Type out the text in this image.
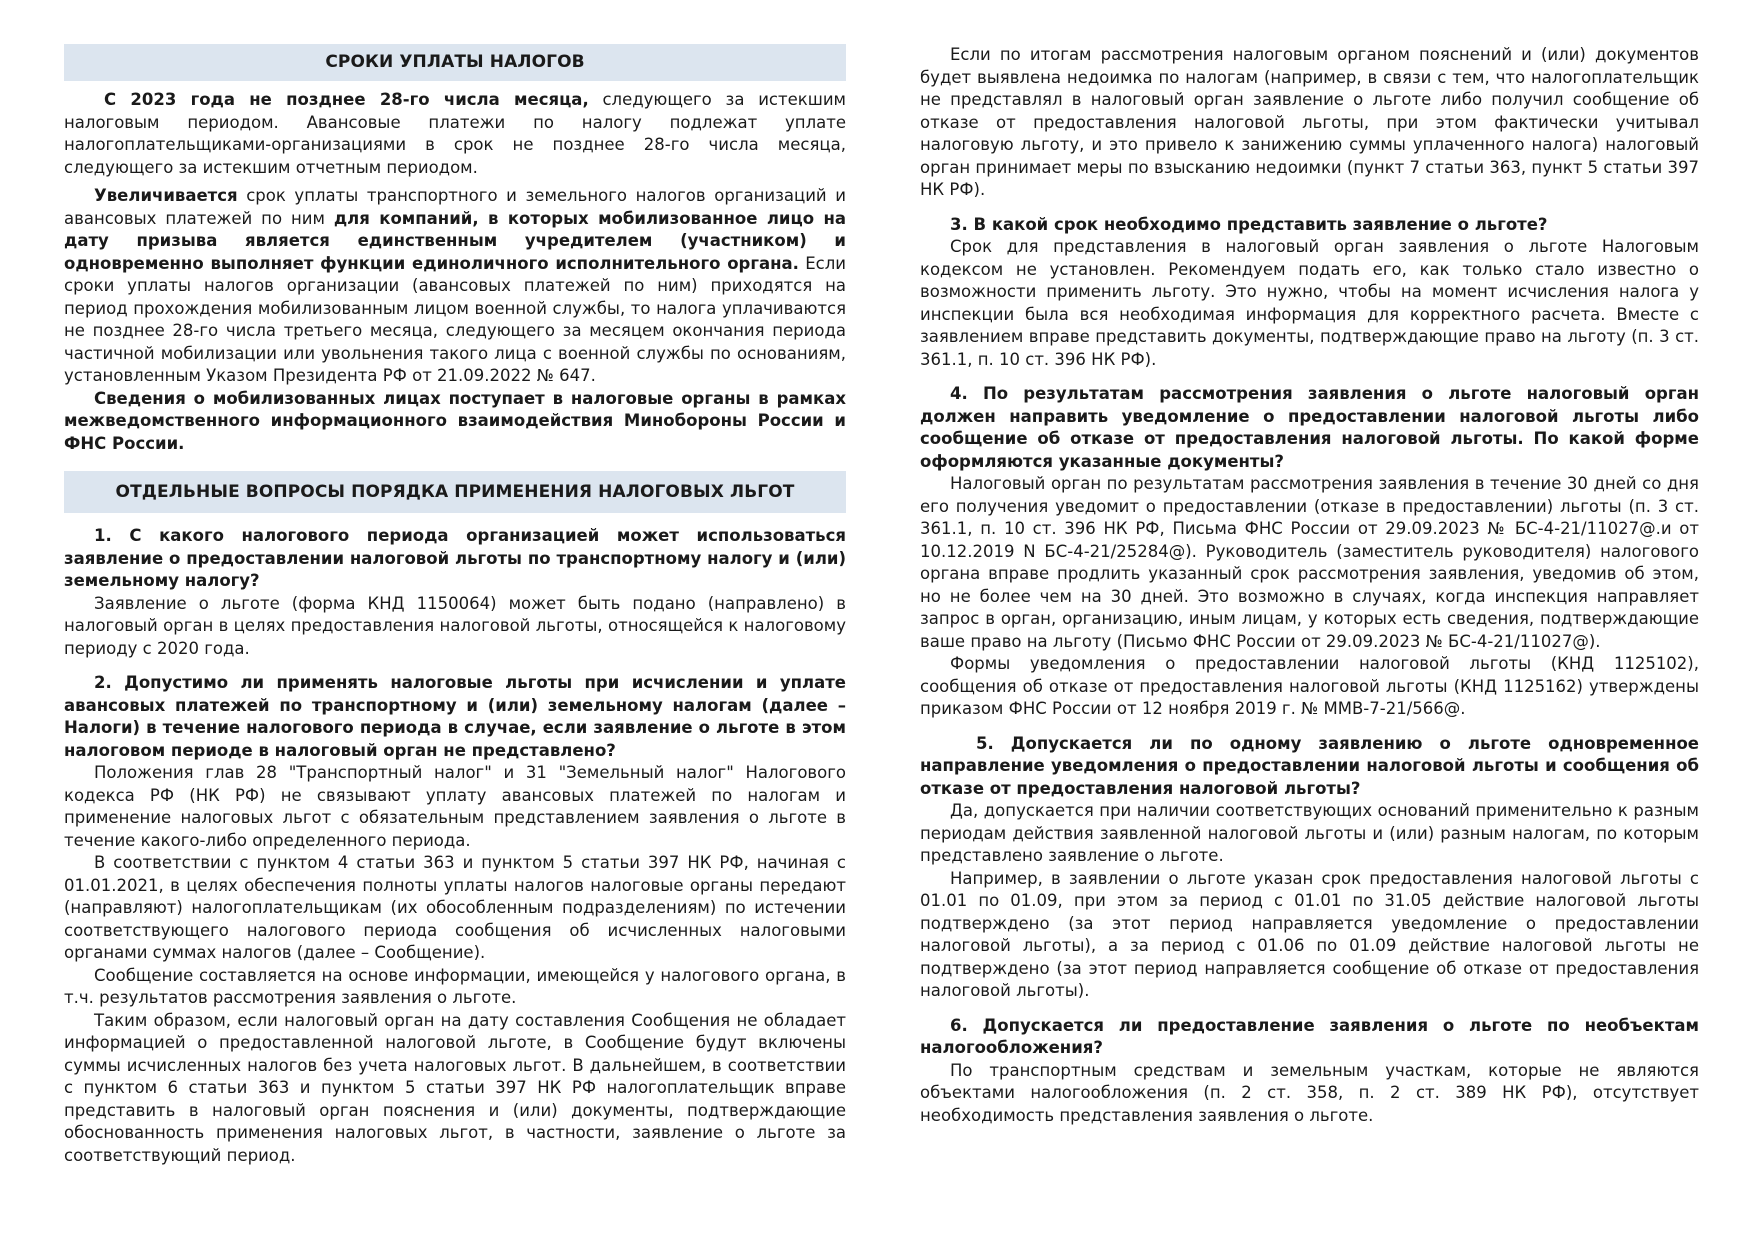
СРОКИ УПЛАТЫ НАЛОГОВ

С 2023 года не позднее 28-го числа месяца, следующего за истекшим налоговым периодом. Авансовые платежи по налогу подлежат уплате налогоплательщиками-организациями в срок не позднее 28-го числа месяца, следующего за истекшим отчетным периодом.

Увеличивается срок уплаты транспортного и земельного налогов организаций и авансовых платежей по ним для компаний, в которых мобилизованное лицо на дату призыва является единственным учредителем (участником) и одновременно выполняет функции единоличного исполнительного органа. Если сроки уплаты налогов организации (авансовых платежей по ним) приходятся на период прохождения мобилизованным лицом военной службы, то налога уплачиваются не позднее 28-го числа третьего месяца, следующего за месяцем окончания периода частичной мобилизации или увольнения такого лица с военной службы по основаниям, установленным Указом Президента РФ от 21.09.2022 № 647.

Сведения о мобилизованных лицах поступает в налоговые органы в рамках межведомственного информационного взаимодействия Минобороны России и ФНС России.

ОТДЕЛЬНЫЕ ВОПРОСЫ ПОРЯДКА ПРИМЕНЕНИЯ НАЛОГОВЫХ ЛЬГОТ

1. С какого налогового периода организацией может использоваться заявление о предоставлении налоговой льготы по транспортному налогу и (или) земельному налогу?

Заявление о льготе (форма КНД 1150064) может быть подано (направлено) в налоговый орган в целях предоставления налоговой льготы, относящейся к налоговому периоду с 2020 года.

2. Допустимо ли применять налоговые льготы при исчислении и уплате авансовых платежей по транспортному и (или) земельному налогам (далее – Налоги) в течение налогового периода в случае, если заявление о льготе в этом налоговом периоде в налоговый орган не представлено?

Положения глав 28 "Транспортный налог" и 31 "Земельный налог" Налогового кодекса РФ (НК РФ) не связывают уплату авансовых платежей по налогам и применение налоговых льгот с обязательным представлением заявления о льготе в течение какого-либо определенного периода.

В соответствии с пунктом 4 статьи 363 и пунктом 5 статьи 397 НК РФ, начиная с 01.01.2021, в целях обеспечения полноты уплаты налогов налоговые органы передают (направляют) налогоплательщикам (их обособленным подразделениям) по истечении соответствующего налогового периода сообщения об исчисленных налоговыми органами суммах налогов (далее – Сообщение).

Сообщение составляется на основе информации, имеющейся у налогового органа, в т.ч. результатов рассмотрения заявления о льготе.

Таким образом, если налоговый орган на дату составления Сообщения не обладает информацией о предоставленной налоговой льготе, в Сообщение будут включены суммы исчисленных налогов без учета налоговых льгот. В дальнейшем, в соответствии с пунктом 6 статьи 363 и пунктом 5 статьи 397 НК РФ налогоплательщик вправе представить в налоговый орган пояснения и (или) документы, подтверждающие обоснованность применения налоговых льгот, в частности, заявление о льготе за соответствующий период.

Если по итогам рассмотрения налоговым органом пояснений и (или) документов будет выявлена недоимка по налогам (например, в связи с тем, что налогоплательщик не представлял в налоговый орган заявление о льготе либо получил сообщение об отказе от предоставления налоговой льготы, при этом фактически учитывал налоговую льготу, и это привело к занижению суммы уплаченного налога) налоговый орган принимает меры по взысканию недоимки (пункт 7 статьи 363, пункт 5 статьи 397 НК РФ).

3. В какой срок необходимо представить заявление о льготе?

Срок для представления в налоговый орган заявления о льготе Налоговым кодексом не установлен. Рекомендуем подать его, как только стало известно о возможности применить льготу. Это нужно, чтобы на момент исчисления налога у инспекции была вся необходимая информация для корректного расчета. Вместе с заявлением вправе представить документы, подтверждающие право на льготу (п. 3 ст. 361.1, п. 10 ст. 396 НК РФ).

4. По результатам рассмотрения заявления о льготе налоговый орган должен направить уведомление о предоставлении налоговой льготы либо сообщение об отказе от предоставления налоговой льготы. По какой форме оформляются указанные документы?

Налоговый орган по результатам рассмотрения заявления в течение 30 дней со дня его получения уведомит о предоставлении (отказе в предоставлении) льготы (п. 3 ст. 361.1, п. 10 ст. 396 НК РФ, Письма ФНС России от 29.09.2023 № БС-4-21/11027@.и от 10.12.2019 N БС-4-21/25284@). Руководитель (заместитель руководителя) налогового органа вправе продлить указанный срок рассмотрения заявления, уведомив об этом, но не более чем на 30 дней. Это возможно в случаях, когда инспекция направляет запрос в орган, организацию, иным лицам, у которых есть сведения, подтверждающие ваше право на льготу (Письмо ФНС России от 29.09.2023 № БС-4-21/11027@).

Формы уведомления о предоставлении налоговой льготы (КНД 1125102), сообщения об отказе от предоставления налоговой льготы (КНД 1125162) утверждены приказом ФНС России от 12 ноября 2019 г. № ММВ-7-21/566@.

5. Допускается ли по одному заявлению о льготе одновременное направление уведомления о предоставлении налоговой льготы и сообщения об отказе от предоставления налоговой льготы?

Да, допускается при наличии соответствующих оснований применительно к разным периодам действия заявленной налоговой льготы и (или) разным налогам, по которым представлено заявление о льготе.

Например, в заявлении о льготе указан срок предоставления налоговой льготы с 01.01 по 01.09, при этом за период с 01.01 по 31.05 действие налоговой льготы подтверждено (за этот период направляется уведомление о предоставлении налоговой льготы), а за период с 01.06 по 01.09 действие налоговой льготы не подтверждено (за этот период направляется сообщение об отказе от предоставления налоговой льготы).

6. Допускается ли предоставление заявления о льготе по необъектам налогообложения?

По транспортным средствам и земельным участкам, которые не являются объектами налогообложения (п. 2 ст. 358, п. 2 ст. 389 НК РФ), отсутствует необходимость представления заявления о льготе.
